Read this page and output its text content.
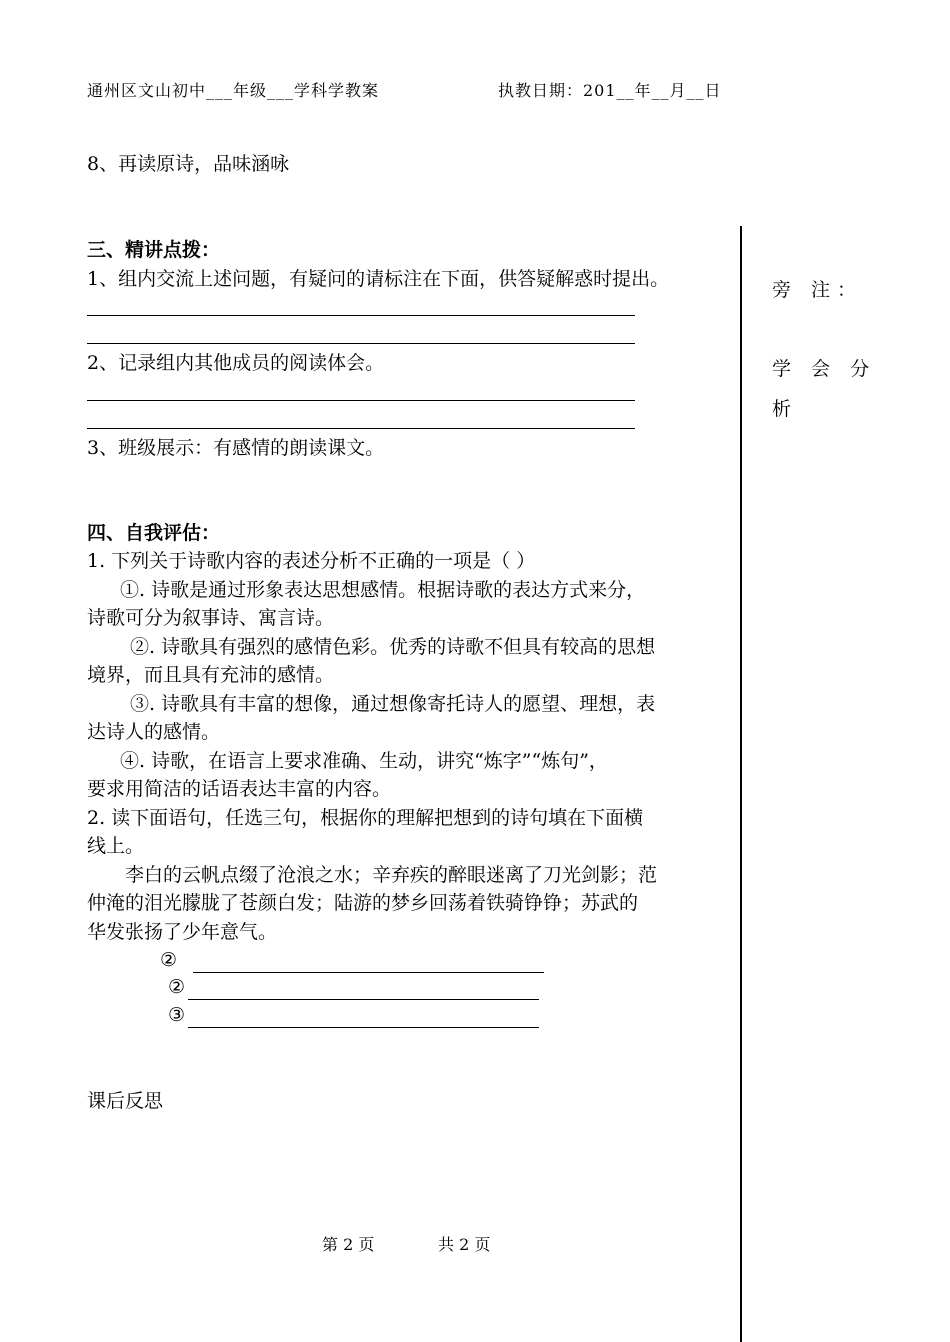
通州区文山初中___年级___学科学教案	执教日期：201__年__月__日
8、再读原诗，品味涵咏
三、精讲点拨：
1、组内交流上述问题，有疑问的请标注在下面，供答疑解惑时提出。
2、记录组内其他成员的阅读体会。
3、班级展示：有感情的朗读课文。
四、自我评估：
1. 下列关于诗歌内容的表述分析不正确的一项是（ ）
①. 诗歌是通过形象表达思想感情。根据诗歌的表达方式来分，
诗歌可分为叙事诗、寓言诗。
②. 诗歌具有强烈的感情色彩。优秀的诗歌不但具有较高的思想
境界，而且具有充沛的感情。
③. 诗歌具有丰富的想像，通过想像寄托诗人的愿望、理想，表
达诗人的感情。
④. 诗歌，在语言上要求准确、生动，讲究“炼字”“炼句”，
要求用简洁的话语表达丰富的内容。
2. 读下面语句，任选三句，根据你的理解把想到的诗句填在下面横
线上。
李白的云帆点缀了沧浪之水；辛弃疾的醉眼迷离了刀光剑影；范
仲淹的泪光朦胧了苍颜白发；陆游的梦乡回荡着铁骑铮铮；苏武的
华发张扬了少年意气。
②
②
③
课后反思
旁 注：
学 会 分
析
第 2 页	共 2 页
